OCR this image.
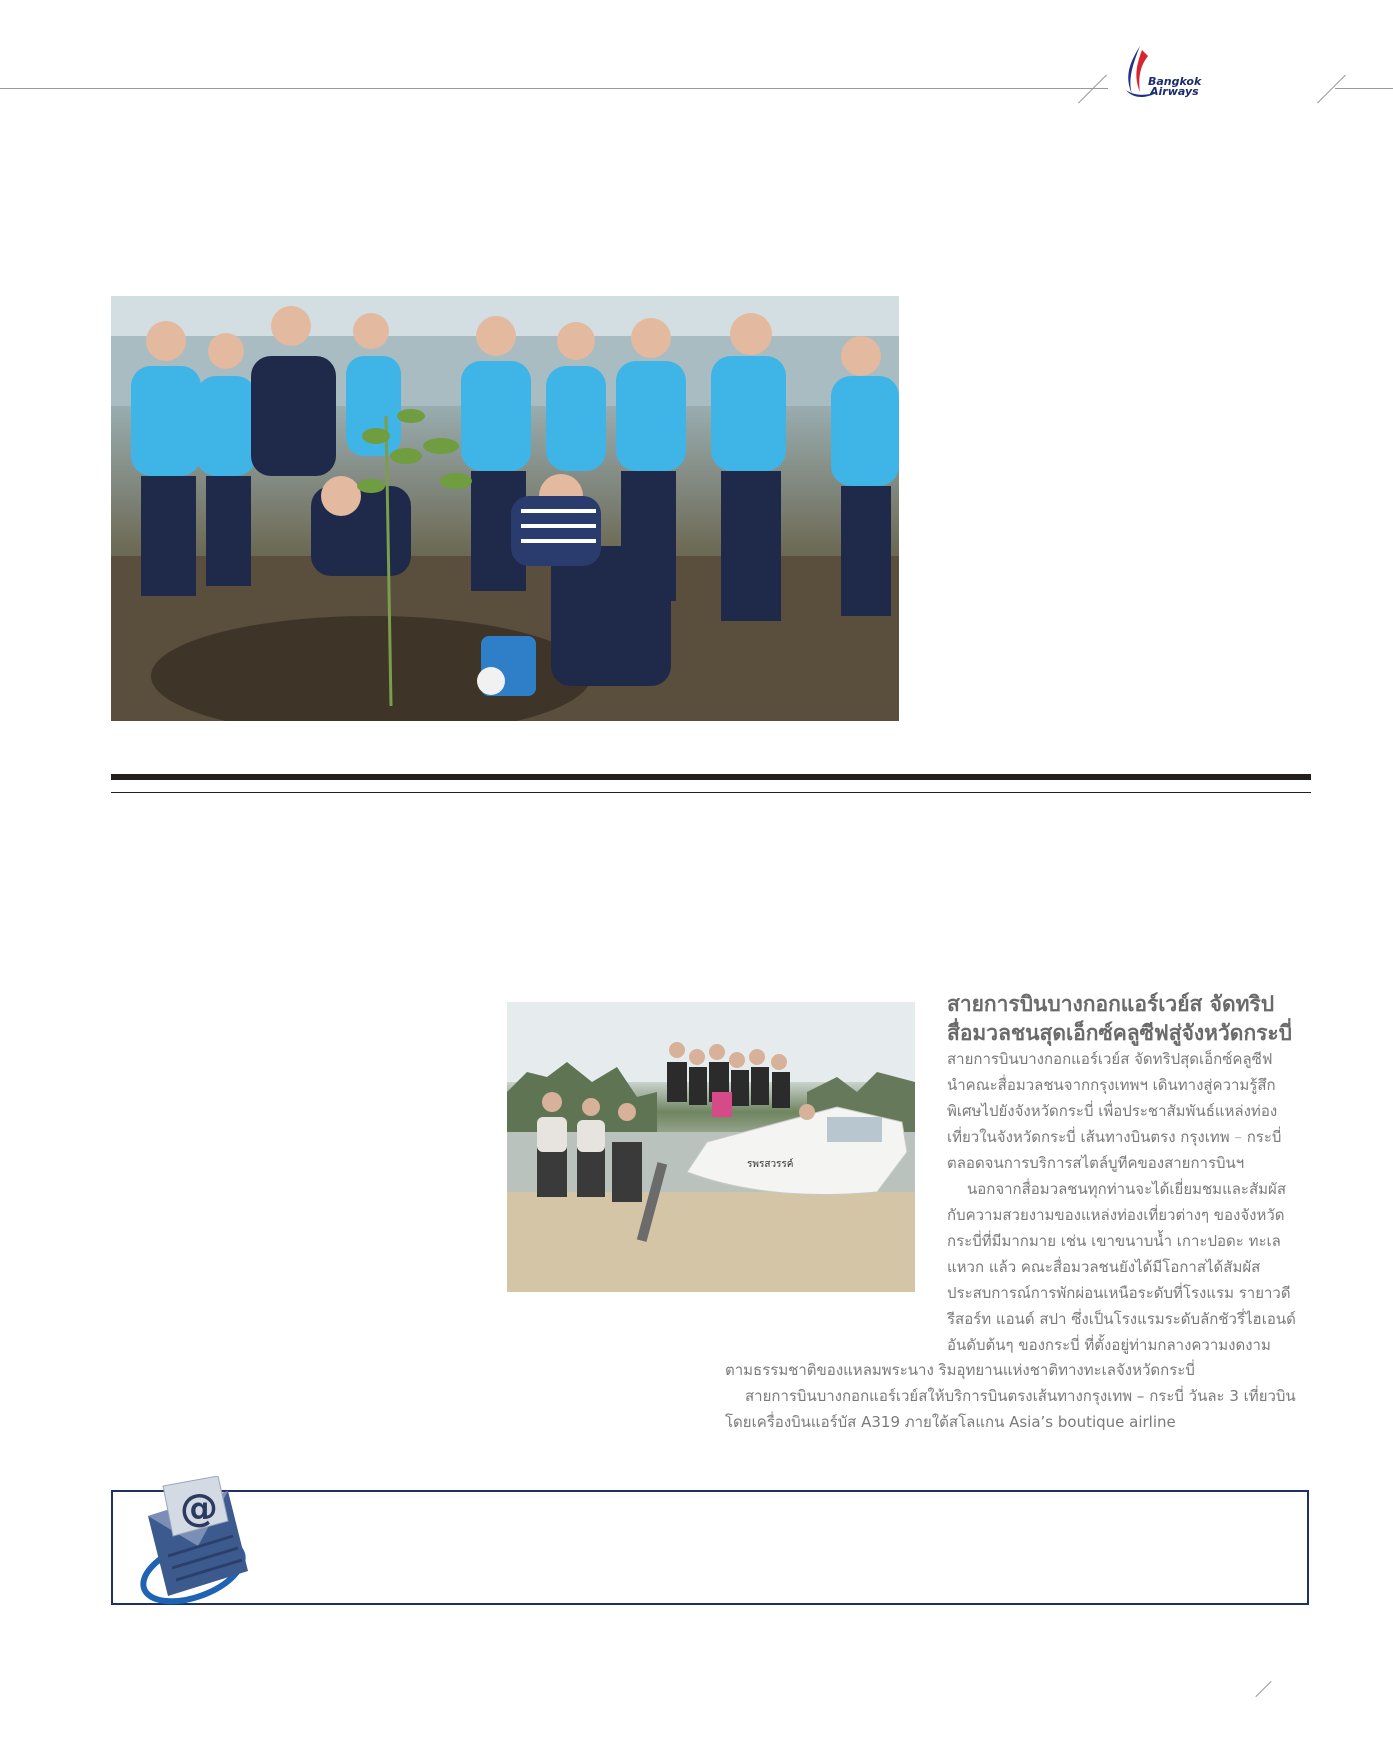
Bangkok
Airways
รพรสวรรค์
สายการบินบางกอกแอร์เวย์ส จัดทริป
สื่อมวลชนสุดเอ็กซ์คลูซีฟสู่จังหวัดกระบี่

สายการบินบางกอกแอร์เวย์ส จัดทริปสุดเอ็กซ์คลูซีฟ

นำคณะสื่อมวลชนจากกรุงเทพฯ เดินทางสู่ความรู้สึก

พิเศษไปยังจังหวัดกระบี่ เพื่อประชาสัมพันธ์แหล่งท่อง

เที่ยวในจังหวัดกระบี่ เส้นทางบินตรง กรุงเทพ – กระบี่

ตลอดจนการบริการสไตล์บูทีคของสายการบินฯ

นอกจากสื่อมวลชนทุกท่านจะได้เยี่ยมชมและสัมผัส

กับความสวยงามของแหล่งท่องเที่ยวต่างๆ ของจังหวัด

กระบี่ที่มีมากมาย เช่น เขาขนาบน้ำ เกาะปอดะ ทะเล

แหวก แล้ว คณะสื่อมวลชนยังได้มีโอกาสได้สัมผัส

ประสบการณ์การพักผ่อนเหนือระดับที่โรงแรม รายาวดี

รีสอร์ท แอนด์ สปา ซึ่งเป็นโรงแรมระดับลักชัวรี่ไฮเอนด์

อันดับต้นๆ ของกระบี่ ที่ตั้งอยู่ท่ามกลางความงดงาม

ตามธรรมชาติของแหลมพระนาง ริมอุทยานแห่งชาติทางทะเลจังหวัดกระบี่

สายการบินบางกอกแอร์เวย์สให้บริการบินตรงเส้นทางกรุงเทพ – กระบี่ วันละ 3 เที่ยวบิน

โดยเครื่องบินแอร์บัส A319 ภายใต้สโลแกน Asia’s boutique airline

@
